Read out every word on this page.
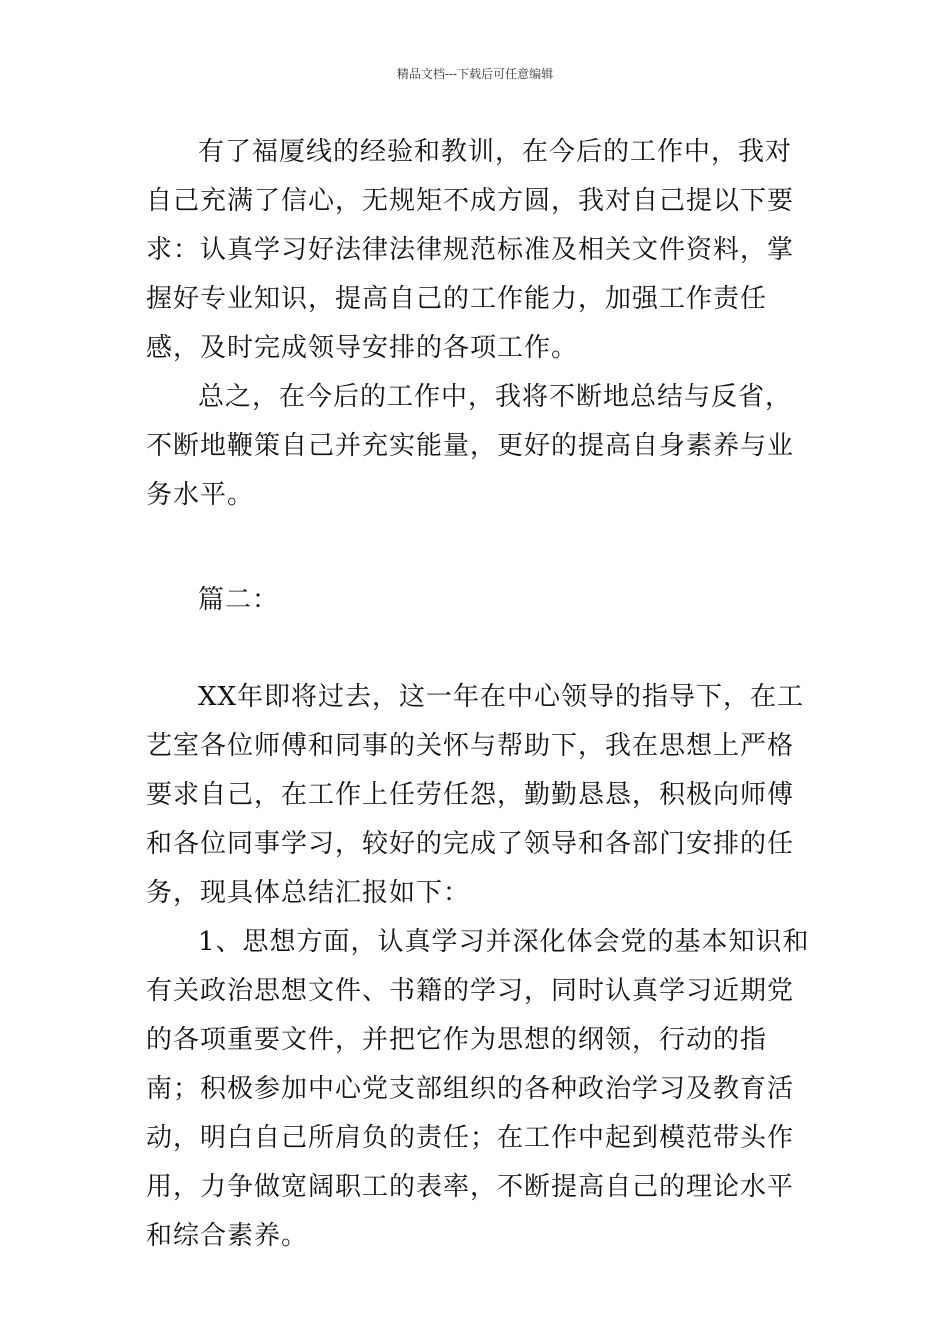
精品文档---下载后可任意编辑

有了福厦线的经验和教训，在今后的工作中，我对自己充满了信心，无规矩不成方圆，我对自己提以下要求：认真学习好法律法律规范标准及相关文件资料，掌握好专业知识，提高自己的工作能力，加强工作责任感，及时完成领导安排的各项工作。

总之，在今后的工作中，我将不断地总结与反省，不断地鞭策自己并充实能量，更好的提高自身素养与业务水平。

篇二：

XX年即将过去，这一年在中心领导的指导下，在工艺室各位师傅和同事的关怀与帮助下，我在思想上严格要求自己，在工作上任劳任怨，勤勤恳恳，积极向师傅和各位同事学习，较好的完成了领导和各部门安排的任务，现具体总结汇报如下：

1、思想方面，认真学习并深化体会党的基本知识和有关政治思想文件、书籍的学习，同时认真学习近期党的各项重要文件，并把它作为思想的纲领，行动的指南；积极参加中心党支部组织的各种政治学习及教育活动，明白自己所肩负的责任；在工作中起到模范带头作用，力争做宽阔职工的表率，不断提高自己的理论水平和综合素养。
